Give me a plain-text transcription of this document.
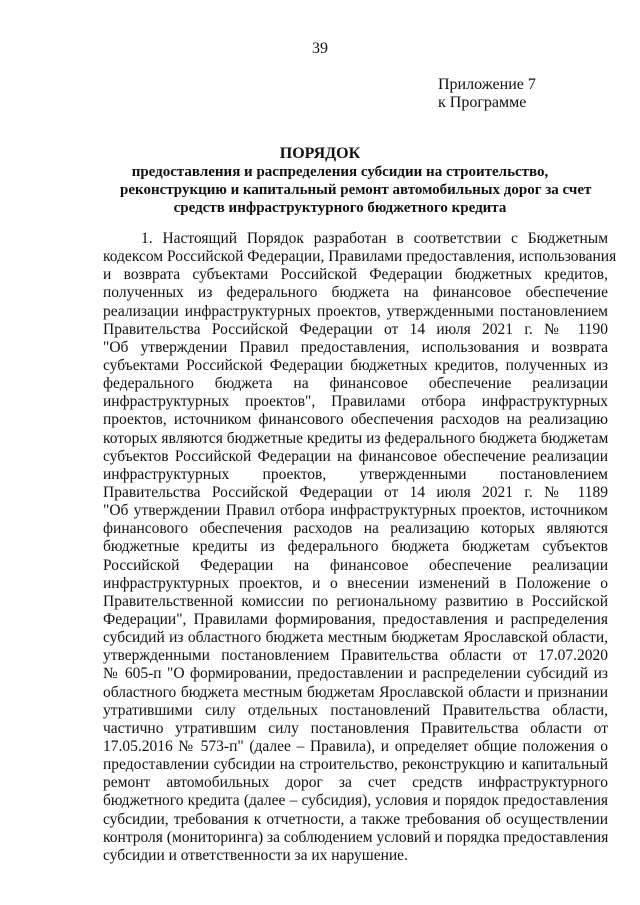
39
Приложение 7
к Программе
ПОРЯДОК
предоставления и распределения субсидии на строительство,
реконструкцию и капитальный ремонт автомобильных дорог за счет
средств инфраструктурного бюджетного кредита
1. Настоящий Порядок разработан в соответствии с Бюджетным
кодексом Российской Федерации, Правилами предоставления, использования
и возврата субъектами Российской Федерации бюджетных кредитов,
полученных из федерального бюджета на финансовое обеспечение
реализации инфраструктурных проектов, утвержденными постановлением
Правительства Российской Федерации от 14 июля 2021 г. № 1190
"Об утверждении Правил предоставления, использования и возврата
субъектами Российской Федерации бюджетных кредитов, полученных из
федерального бюджета на финансовое обеспечение реализации
инфраструктурных проектов", Правилами отбора инфраструктурных
проектов, источником финансового обеспечения расходов на реализацию
которых являются бюджетные кредиты из федерального бюджета бюджетам
субъектов Российской Федерации на финансовое обеспечение реализации
инфраструктурных проектов, утвержденными постановлением
Правительства Российской Федерации от 14 июля 2021 г. № 1189
"Об утверждении Правил отбора инфраструктурных проектов, источником
финансового обеспечения расходов на реализацию которых являются
бюджетные кредиты из федерального бюджета бюджетам субъектов
Российской Федерации на финансовое обеспечение реализации
инфраструктурных проектов, и о внесении изменений в Положение о
Правительственной комиссии по региональному развитию в Российской
Федерации", Правилами формирования, предоставления и распределения
субсидий из областного бюджета местным бюджетам Ярославской области,
утвержденными постановлением Правительства области от 17.07.2020
№ 605-п "О формировании, предоставлении и распределении субсидий из
областного бюджета местным бюджетам Ярославской области и признании
утратившими силу отдельных постановлений Правительства области,
частично утратившим силу постановления Правительства области от
17.05.2016 № 573-п" (далее – Правила), и определяет общие положения о
предоставлении субсидии на строительство, реконструкцию и капитальный
ремонт автомобильных дорог за счет средств инфраструктурного
бюджетного кредита (далее – субсидия), условия и порядок предоставления
субсидии, требования к отчетности, а также требования об осуществлении
контроля (мониторинга) за соблюдением условий и порядка предоставления
субсидии и ответственности за их нарушение.
